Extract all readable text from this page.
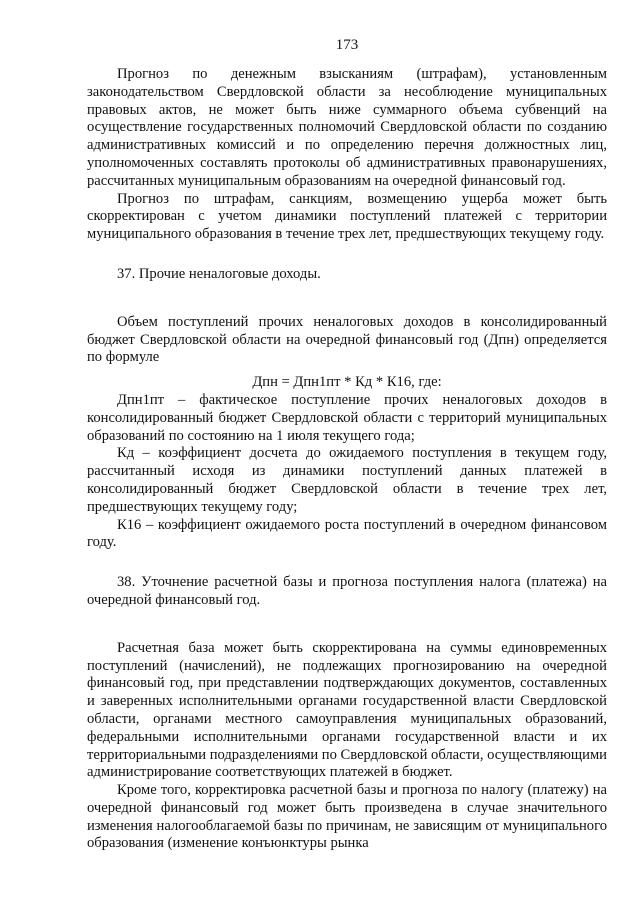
173

Прогноз по денежным взысканиям (штрафам), установленным законодательством Свердловской области за несоблюдение муниципальных правовых актов, не может быть ниже суммарного объема субвенций на осуществление государственных полномочий Свердловской области по созданию административных комиссий и по определению перечня должностных лиц, уполномоченных составлять протоколы об административных правонарушениях, рассчитанных муниципальным образованиям на очередной финансовый год.

Прогноз по штрафам, санкциям, возмещению ущерба может быть скорректирован с учетом динамики поступлений платежей с территории муниципального образования в течение трех лет, предшествующих текущему году.

37. Прочие неналоговые доходы.

Объем поступлений прочих неналоговых доходов в консолидированный бюджет Свердловской области на очередной финансовый год (Дпн) определяется по формуле

Дпн = Дпн1пт * Кд * К16, где:

Дпн1пт – фактическое поступление прочих неналоговых доходов в консолидированный бюджет Свердловской области с территорий муниципальных образований по состоянию на 1 июля текущего года;

Кд – коэффициент досчета до ожидаемого поступления в текущем году, рассчитанный исходя из динамики поступлений данных платежей в консолидированный бюджет Свердловской области в течение трех лет, предшествующих текущему году;

К16 – коэффициент ожидаемого роста поступлений в очередном финансовом году.

38. Уточнение расчетной базы и прогноза поступления налога (платежа) на очередной финансовый год.

Расчетная база может быть скорректирована на суммы единовременных поступлений (начислений), не подлежащих прогнозированию на очередной финансовый год, при представлении подтверждающих документов, составленных и заверенных исполнительными органами государственной власти Свердловской области, органами местного самоуправления муниципальных образований, федеральными исполнительными органами государственной власти и их территориальными подразделениями по Свердловской области, осуществляющими администрирование соответствующих платежей в бюджет.

Кроме того, корректировка расчетной базы и прогноза по налогу (платежу) на очередной финансовый год может быть произведена в случае значительного изменения налогооблагаемой базы по причинам, не зависящим от муниципального образования (изменение конъюнктуры рынка
